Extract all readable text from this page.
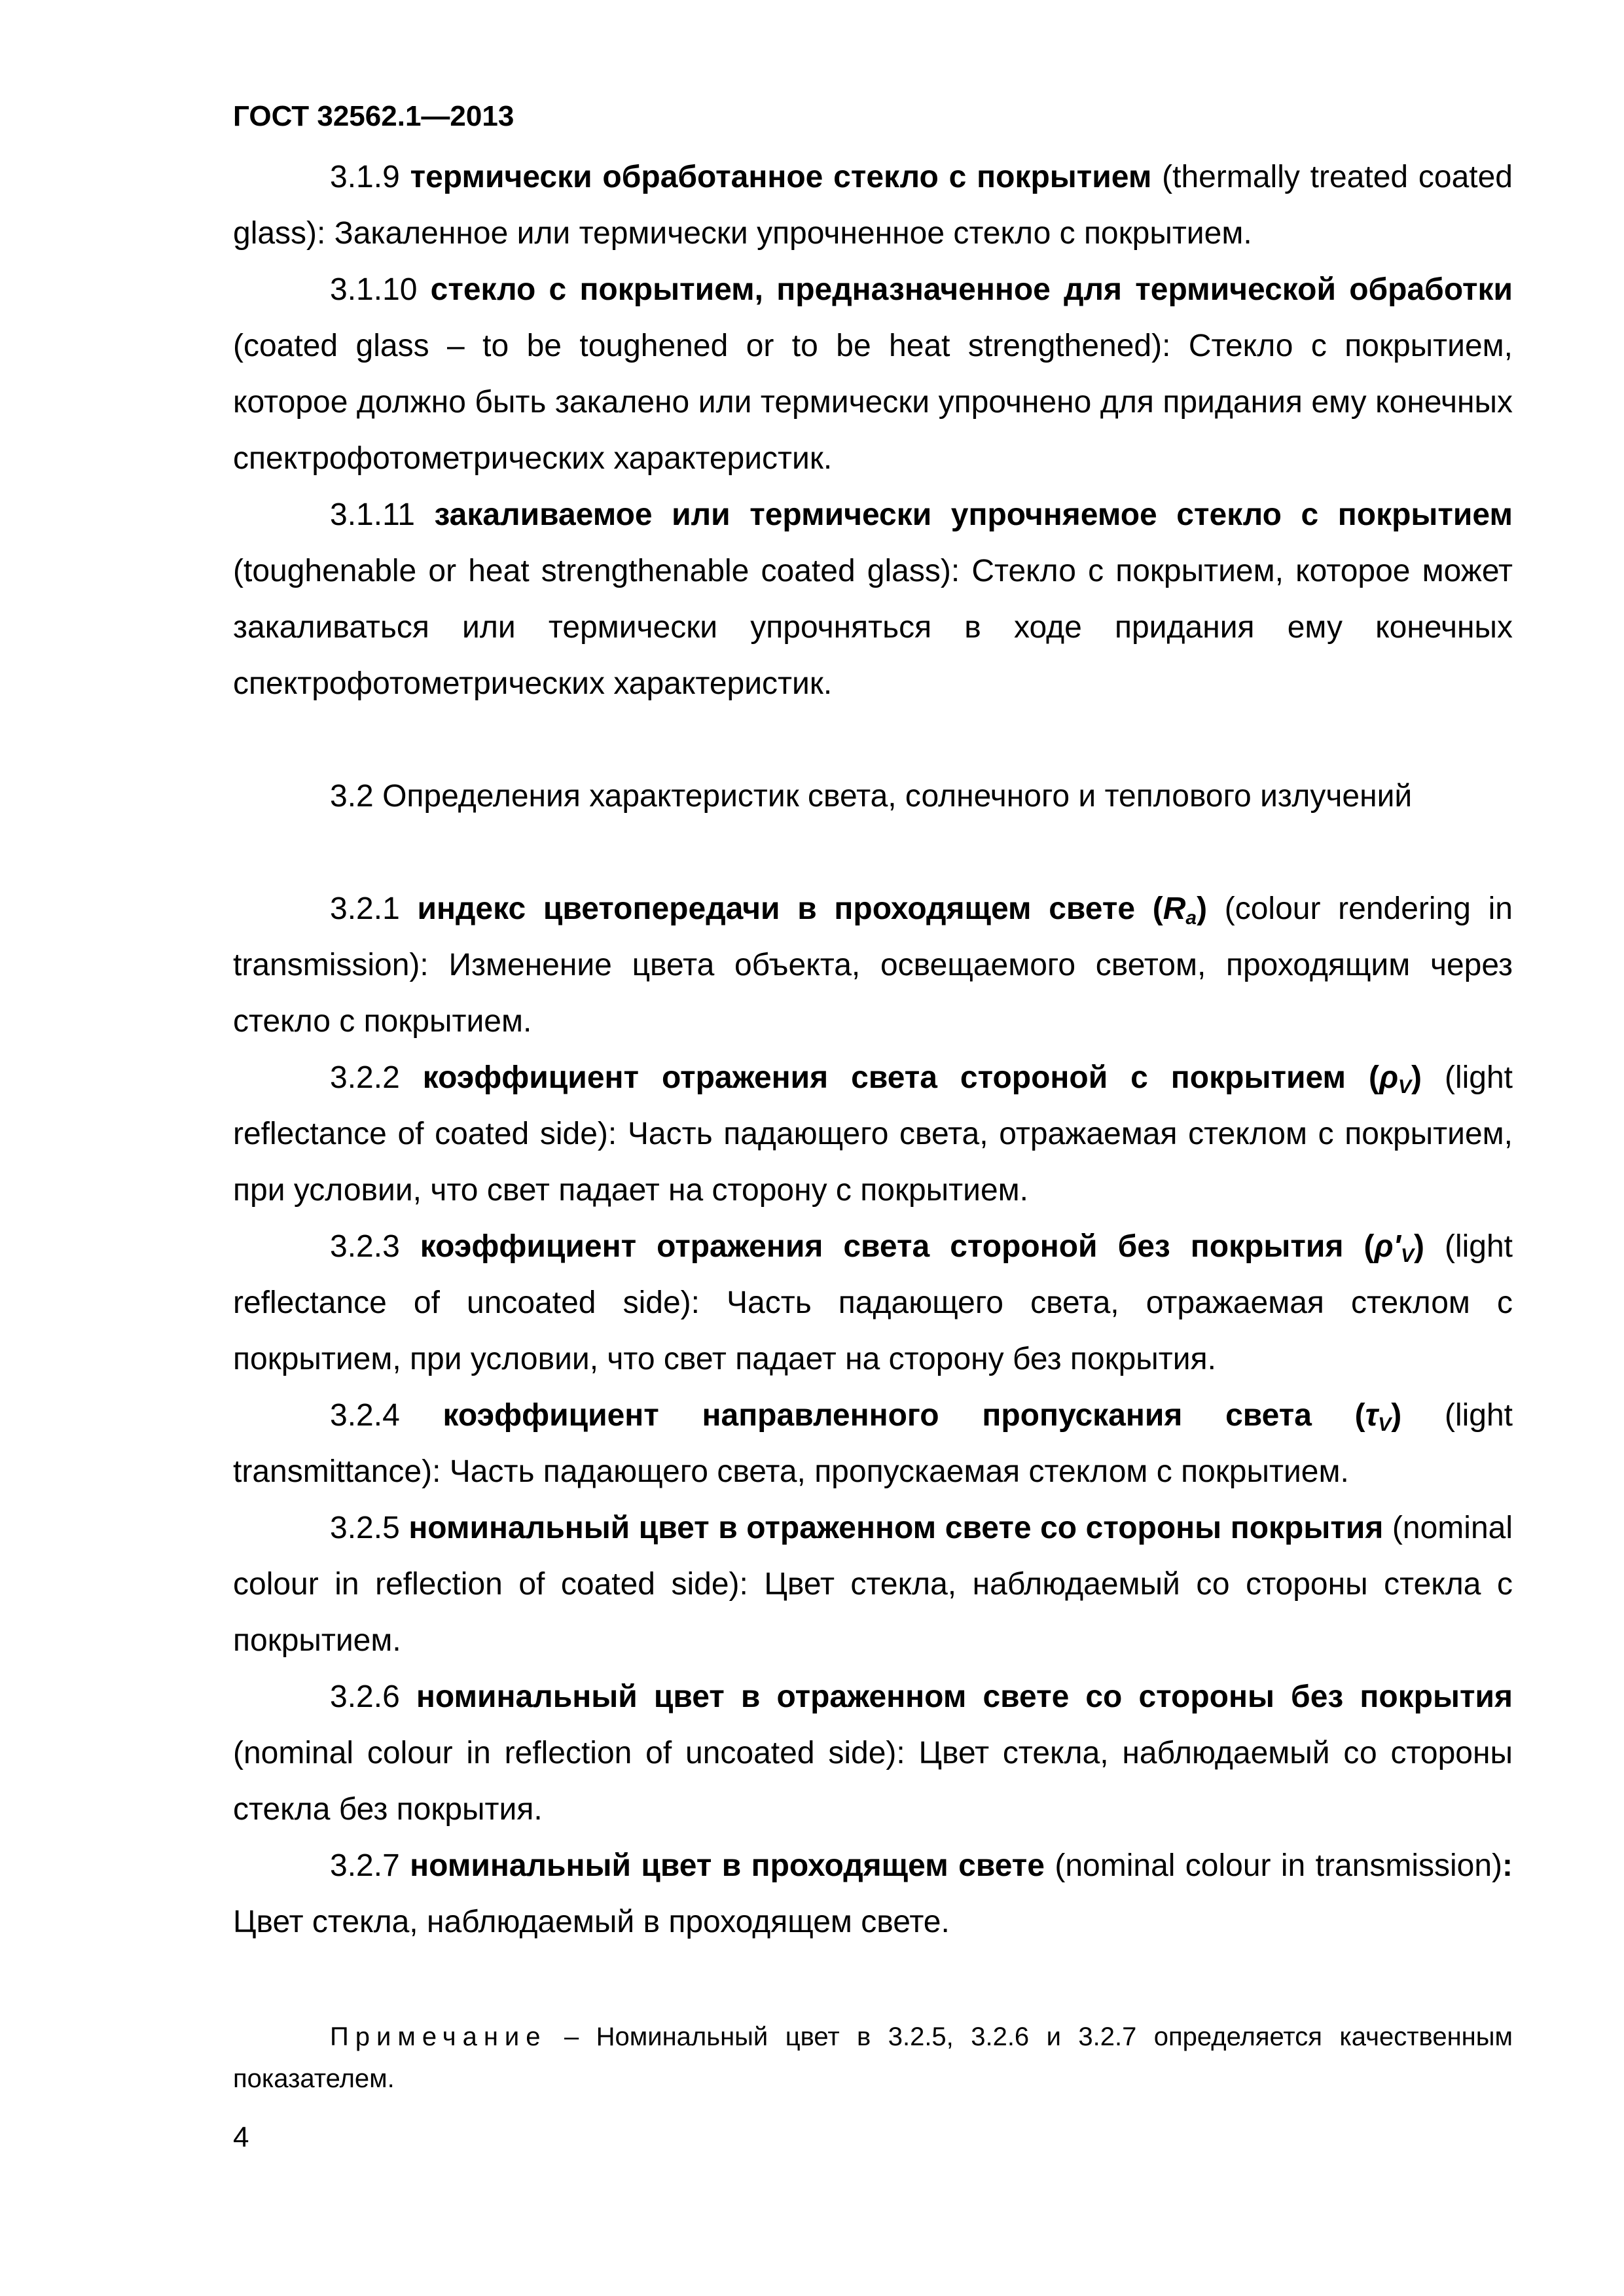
ГОСТ 32562.1—2013

3.1.9 термически обработанное стекло с покрытием (thermally treated coated glass): Закаленное или термически упрочненное стекло с покрытием.

3.1.10 стекло с покрытием, предназначенное для термической обработки (coated glass – to be toughened or to be heat strengthened): Стекло с покрытием, которое должно быть закалено или термически упрочнено для придания ему конечных спектрофотометрических характеристик.

3.1.11 закаливаемое или термически упрочняемое стекло с покрытием (toughenable or heat strengthenable coated glass): Стекло с покрытием, которое может закаливаться или термически упрочняться в ходе придания ему конечных спектрофотометрических характеристик.

3.2 Определения характеристик света, солнечного и теплового излучений

3.2.1 индекс цветопередачи в проходящем свете $(R_a)$ (colour rendering in transmission): Изменение цвета объекта, освещаемого светом, проходящим через стекло с покрытием.

3.2.2 коэффициент отражения света стороной с покрытием $(\rho_V)$ (light reflectance of coated side): Часть падающего света, отражаемая стеклом с покрытием, при условии, что свет падает на сторону с покрытием.

3.2.3 коэффициент отражения света стороной без покрытия $(\rho'_V)$ (light reflectance of uncoated side): Часть падающего света, отражаемая стеклом с покрытием, при условии, что свет падает на сторону без покрытия.

3.2.4 коэффициент направленного пропускания света $(\tau_V)$ (light transmittance): Часть падающего света, пропускаемая стеклом с покрытием.

3.2.5 номинальный цвет в отраженном свете со стороны покрытия (nominal colour in reflection of coated side): Цвет стекла, наблюдаемый со стороны стекла с покрытием.

3.2.6 номинальный цвет в отраженном свете со стороны без покрытия (nominal colour in reflection of uncoated side): Цвет стекла, наблюдаемый со стороны стекла без покрытия.

3.2.7 номинальный цвет в проходящем свете (nominal colour in transmission): Цвет стекла, наблюдаемый в проходящем свете.

Примечание – Номинальный цвет в 3.2.5, 3.2.6 и 3.2.7 определяется качественным показателем.

4
